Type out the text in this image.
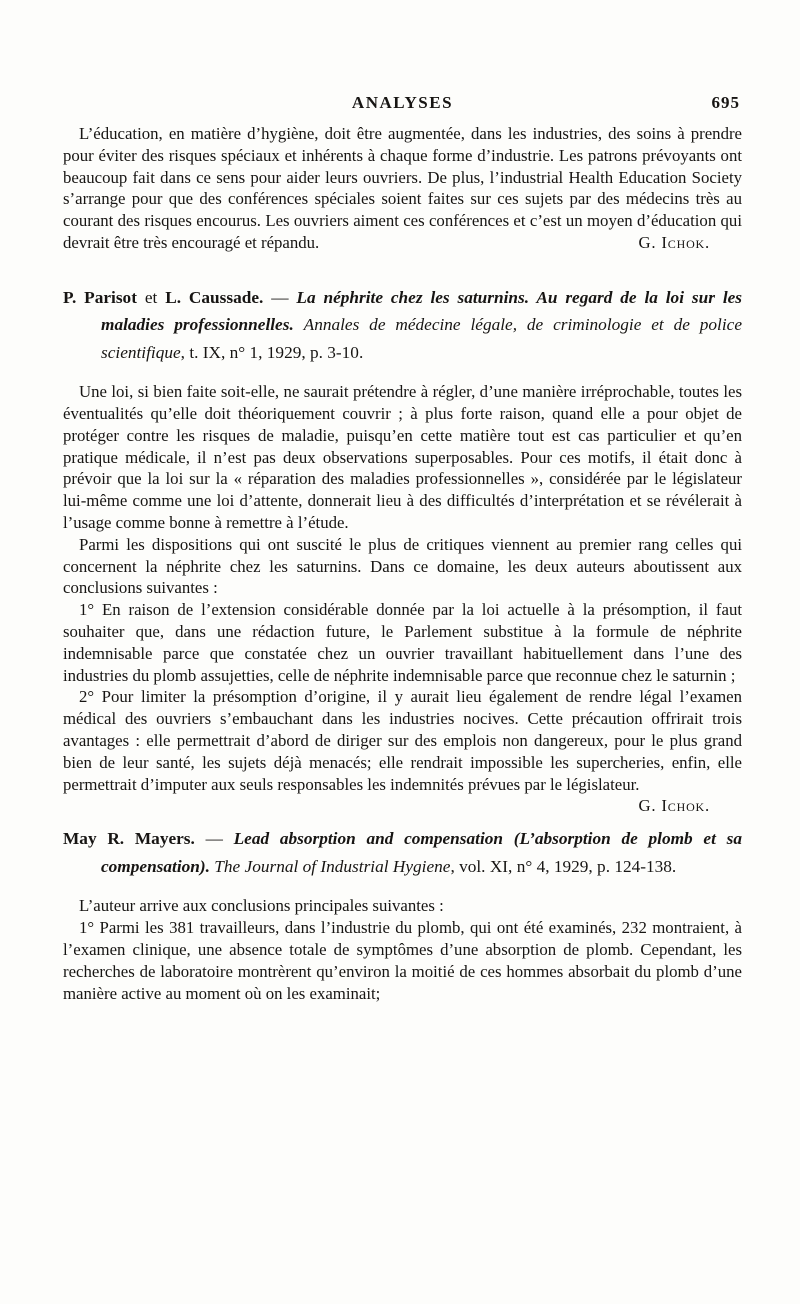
ANALYSES	695

L’éducation, en matière d’hygiène, doit être augmentée, dans les industries, des soins à prendre pour éviter des risques spéciaux et inhérents à chaque forme d’industrie. Les patrons prévoyants ont beaucoup fait dans ce sens pour aider leurs ouvriers. De plus, l’industrial Health Education Society s’arrange pour que des conférences spéciales soient faites sur ces sujets par des médecins très au courant des risques encourus. Les ouvriers aiment ces conférences et c’est un moyen d’éducation qui devrait être très encouragé et répandu.	G. Ichok.

P. Parisot et L. Caussade. — La néphrite chez les saturnins. Au regard de la loi sur les maladies professionnelles. Annales de médecine légale, de criminologie et de police scientifique, t. IX, n° 1, 1929, p. 3-10.

Une loi, si bien faite soit-elle, ne saurait prétendre à régler, d’une manière irréprochable, toutes les éventualités qu’elle doit théoriquement couvrir ; à plus forte raison, quand elle a pour objet de protéger contre les risques de maladie, puisqu’en cette matière tout est cas particulier et qu’en pratique médicale, il n’est pas deux observations superposables. Pour ces motifs, il était donc à prévoir que la loi sur la « réparation des maladies professionnelles », considérée par le législateur lui-même comme une loi d’attente, donnerait lieu à des difficultés d’interprétation et se révélerait à l’usage comme bonne à remettre à l’étude.

Parmi les dispositions qui ont suscité le plus de critiques viennent au premier rang celles qui concernent la néphrite chez les saturnins. Dans ce domaine, les deux auteurs aboutissent aux conclusions suivantes :

1° En raison de l’extension considérable donnée par la loi actuelle à la présomption, il faut souhaiter que, dans une rédaction future, le Parlement substitue à la formule de néphrite indemnisable parce que constatée chez un ouvrier travaillant habituellement dans l’une des industries du plomb assujetties, celle de néphrite indemnisable parce que reconnue chez le saturnin ;

2° Pour limiter la présomption d’origine, il y aurait lieu également de rendre légal l’examen médical des ouvriers s’embauchant dans les industries nocives. Cette précaution offrirait trois avantages : elle permettrait d’abord de diriger sur des emplois non dangereux, pour le plus grand bien de leur santé, les sujets déjà menacés; elle rendrait impossible les supercheries, enfin, elle permettrait d’imputer aux seuls responsables les indemnités prévues par le législateur.
G. Ichok.

May R. Mayers. — Lead absorption and compensation (L’absorption de plomb et sa compensation). The Journal of Industrial Hygiene, vol. XI, n° 4, 1929, p. 124-138.

L’auteur arrive aux conclusions principales suivantes :

1° Parmi les 381 travailleurs, dans l’industrie du plomb, qui ont été examinés, 232 montraient, à l’examen clinique, une absence totale de symptômes d’une absorption de plomb. Cependant, les recherches de laboratoire montrèrent qu’environ la moitié de ces hommes absorbait du plomb d’une manière active au moment où on les examinait;
